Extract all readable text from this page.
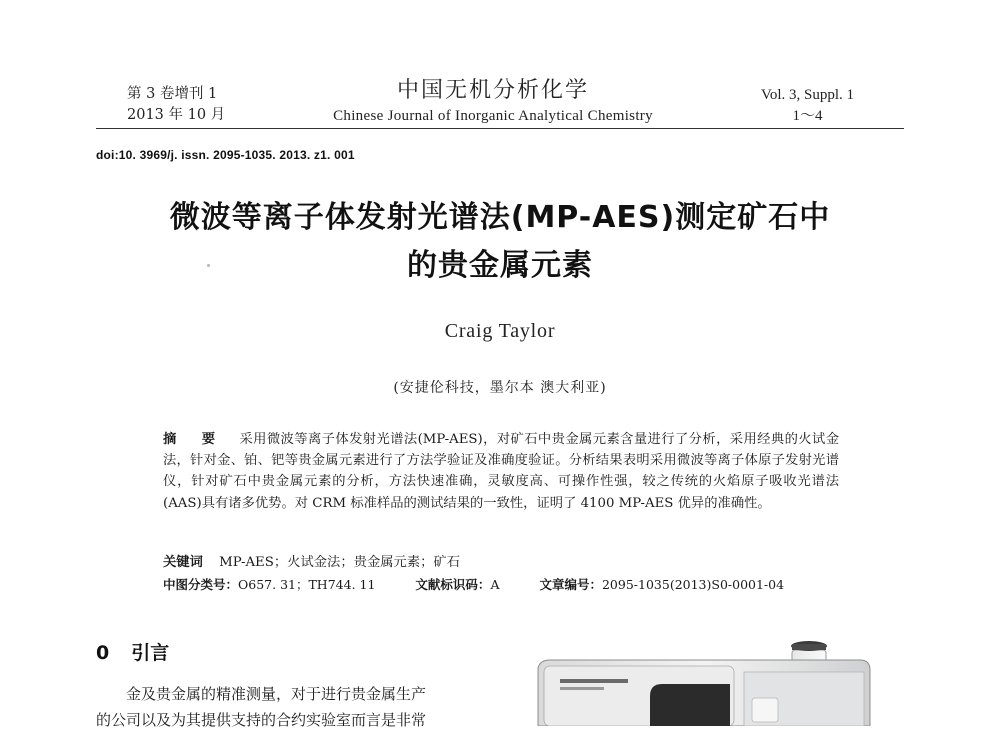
第 3 卷增刊 1
2013 年 10 月
中国无机分析化学
Chinese Journal of Inorganic Analytical Chemistry
Vol. 3, Suppl. 1
1～4
doi:10. 3969/j. issn. 2095-1035. 2013. z1. 001
微波等离子体发射光谱法(MP-AES)测定矿石中
的贵金属元素
Craig Taylor
(安捷伦科技，墨尔本 澳大利亚)
摘 要 采用微波等离子体发射光谱法(MP-AES)，对矿石中贵金属元素含量进行了分析，采用经典的火试金法，针对金、铂、钯等贵金属元素进行了方法学验证及准确度验证。分析结果表明采用微波等离子体原子发射光谱仪，针对矿石中贵金属元素的分析，方法快速准确，灵敏度高、可操作性强，较之传统的火焰原子吸收光谱法(AAS)具有诸多优势。对 CRM 标准样品的测试结果的一致性，证明了 4100 MP-AES 优异的准确性。
关键词 MP-AES；火试金法；贵金属元素；矿石
中图分类号：O657. 31；TH744. 11	文献标识码：A	文章编号：2095-1035(2013)S0-0001-04
0 引言
金及贵金属的精准测量，对于进行贵金属生产
的公司以及为其提供支持的合约实验室而言是非常
